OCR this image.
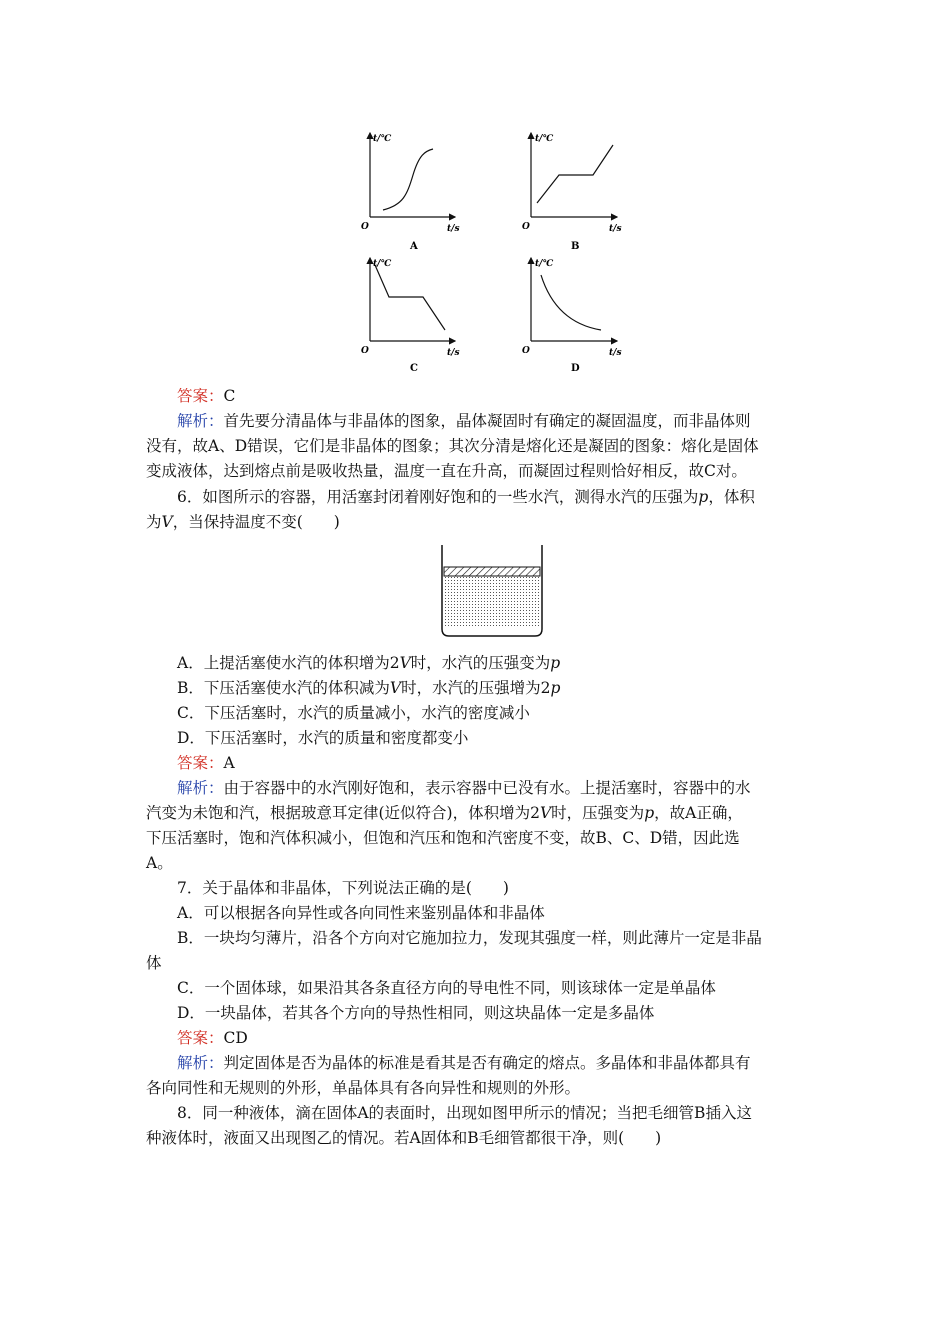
t/℃
t/s
O
A
t/℃
t/s
O
B
t/℃
t/s
O
C
t/℃
t/s
O
D
答案：C
解析：首先要分清晶体与非晶体的图象，晶体凝固时有确定的凝固温度，而非晶体则
没有，故A、D错误，它们是非晶体的图象；其次分清是熔化还是凝固的图象：熔化是固体
变成液体，达到熔点前是吸收热量，温度一直在升高，而凝固过程则恰好相反，故C对。
6．如图所示的容器，用活塞封闭着刚好饱和的一些水汽，测得水汽的压强为p，体积
为V，当保持温度不变(　　)
A．上提活塞使水汽的体积增为2V时，水汽的压强变为p
B．下压活塞使水汽的体积减为V时，水汽的压强增为2p
C．下压活塞时，水汽的质量减小，水汽的密度减小
D．下压活塞时，水汽的质量和密度都变小
答案：A
解析：由于容器中的水汽刚好饱和，表示容器中已没有水。上提活塞时，容器中的水
汽变为未饱和汽，根据玻意耳定律(近似符合)，体积增为2V时，压强变为p，故A正确，
下压活塞时，饱和汽体积减小，但饱和汽压和饱和汽密度不变，故B、C、D错，因此选
A。
7．关于晶体和非晶体，下列说法正确的是(　　)
A．可以根据各向异性或各向同性来鉴别晶体和非晶体
B．一块均匀薄片，沿各个方向对它施加拉力，发现其强度一样，则此薄片一定是非晶
体
C．一个固体球，如果沿其各条直径方向的导电性不同，则该球体一定是单晶体
D．一块晶体，若其各个方向的导热性相同，则这块晶体一定是多晶体
答案：CD
解析：判定固体是否为晶体的标准是看其是否有确定的熔点。多晶体和非晶体都具有
各向同性和无规则的外形，单晶体具有各向异性和规则的外形。
8．同一种液体，滴在固体A的表面时，出现如图甲所示的情况；当把毛细管B插入这
种液体时，液面又出现图乙的情况。若A固体和B毛细管都很干净，则(　　)
